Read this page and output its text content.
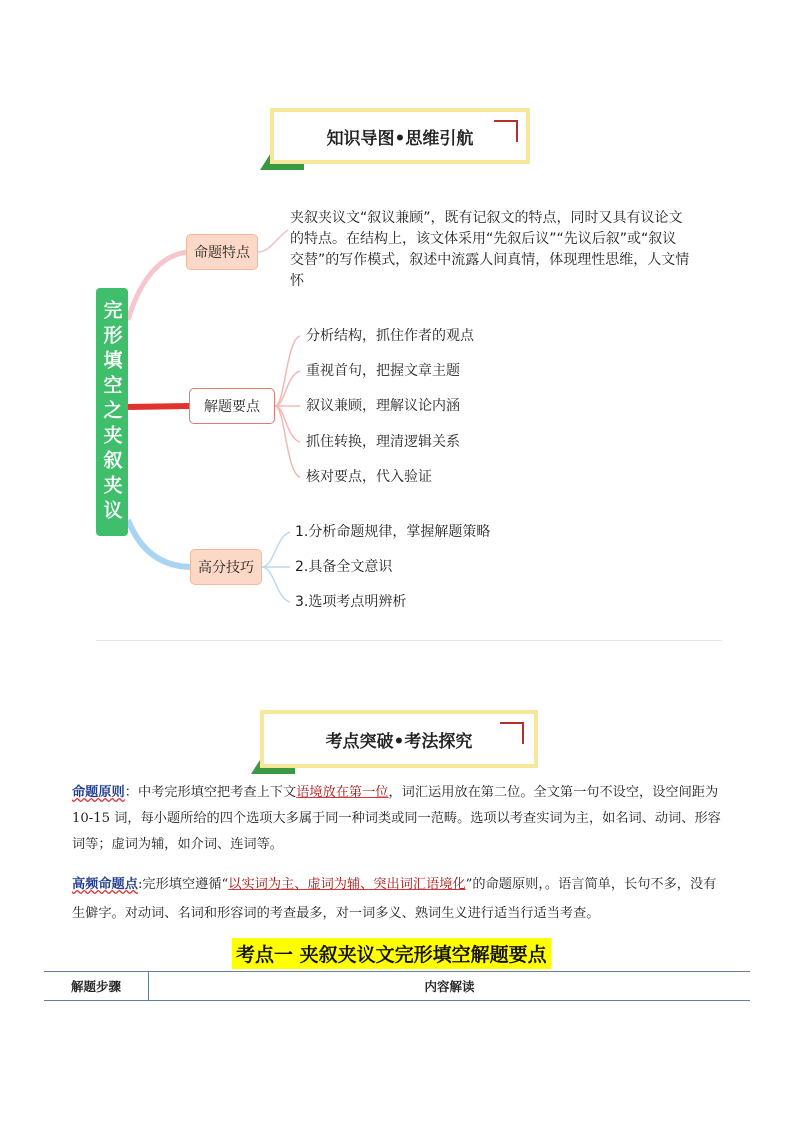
知识导图•思维引航
完形填空之夹叙夹议
命题特点
解题要点
高分技巧
夹叙夹议文“叙议兼顾”，既有记叙文的特点，同时又具有议论文的特点。在结构上，该文体采用“先叙后议”“先议后叙”或“叙议交替”的写作模式，叙述中流露人间真情，体现理性思维，人文情怀
分析结构，抓住作者的观点
重视首句，把握文章主题
叙议兼顾，理解议论内涵
抓住转换，理清逻辑关系
核对要点，代入验证
1.分析命题规律，掌握解题策略
2.具备全文意识
3.选项考点明辨析
考点突破•考法探究
命题原则：中考完形填空把考查上下文语境放在第一位，词汇运用放在第二位。全文第一句不设空，设空间距为 10-15 词，每小题所给的四个选项大多属于同一种词类或同一范畴。选项以考查实词为主，如名词、动词、形容词等；虚词为辅，如介词、连词等。
高频命题点:完形填空遵循“以实词为主、虚词为辅、突出词汇语境化”的命题原则，。语言简单，长句不多，没有生僻字。对动词、名词和形容词的考查最多，对一词多义、熟词生义进行适当行适当考查。
考点一 夹叙夹议文完形填空解题要点
解题步骤	内容解读
